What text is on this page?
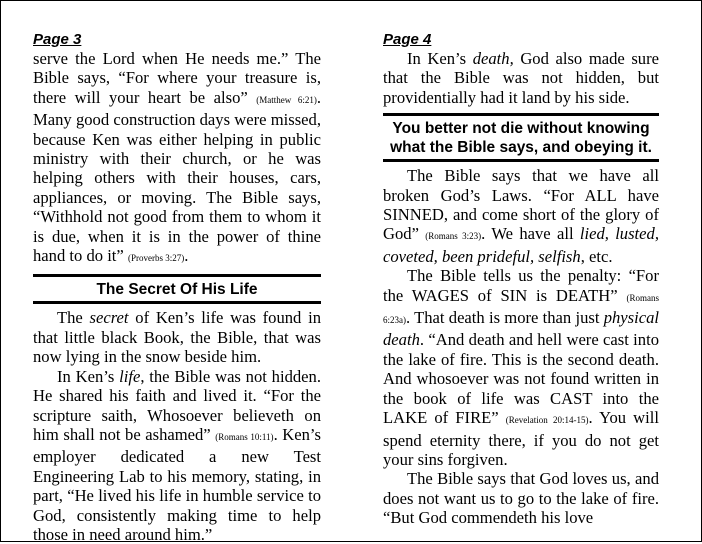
Page 3

serve the Lord when He needs me.” The Bible says, “For where your treasure is, there will your heart be also” (Matthew 6:21). Many good construction days were missed, because Ken was either helping in public ministry with their church, or he was helping others with their houses, cars, appliances, or moving. The Bible says, “Withhold not good from them to whom it is due, when it is in the power of thine hand to do it” (Proverbs 3:27).

The Secret Of His Life

The secret of Ken’s life was found in that little black Book, the Bible, that was now lying in the snow beside him.

In Ken’s life, the Bible was not hidden. He shared his faith and lived it. “For the scripture saith, Whosoever believeth on him shall not be ashamed” (Romans 10:11). Ken’s employer dedicated a new Test Engineering Lab to his memory, stating, in part, “He lived his life in humble service to God, consistently making time to help those in need around him.”

Page 4

In Ken’s death, God also made sure that the Bible was not hidden, but providentially had it land by his side.

You better not die without knowing what the Bible says, and obeying it.

The Bible says that we have all broken God’s Laws. “For ALL have SINNED, and come short of the glory of God” (Romans 3:23). We have all lied, lusted, coveted, been prideful, selfish, etc.

The Bible tells us the penalty: “For the WAGES of SIN is DEATH” (Romans 6:23a). That death is more than just physical death. “And death and hell were cast into the lake of fire. This is the second death. And whosoever was not found written in the book of life was CAST into the LAKE of FIRE” (Revelation 20:14-15). You will spend eternity there, if you do not get your sins forgiven.

The Bible says that God loves us, and does not want us to go to the lake of fire. “But God commendeth his love
